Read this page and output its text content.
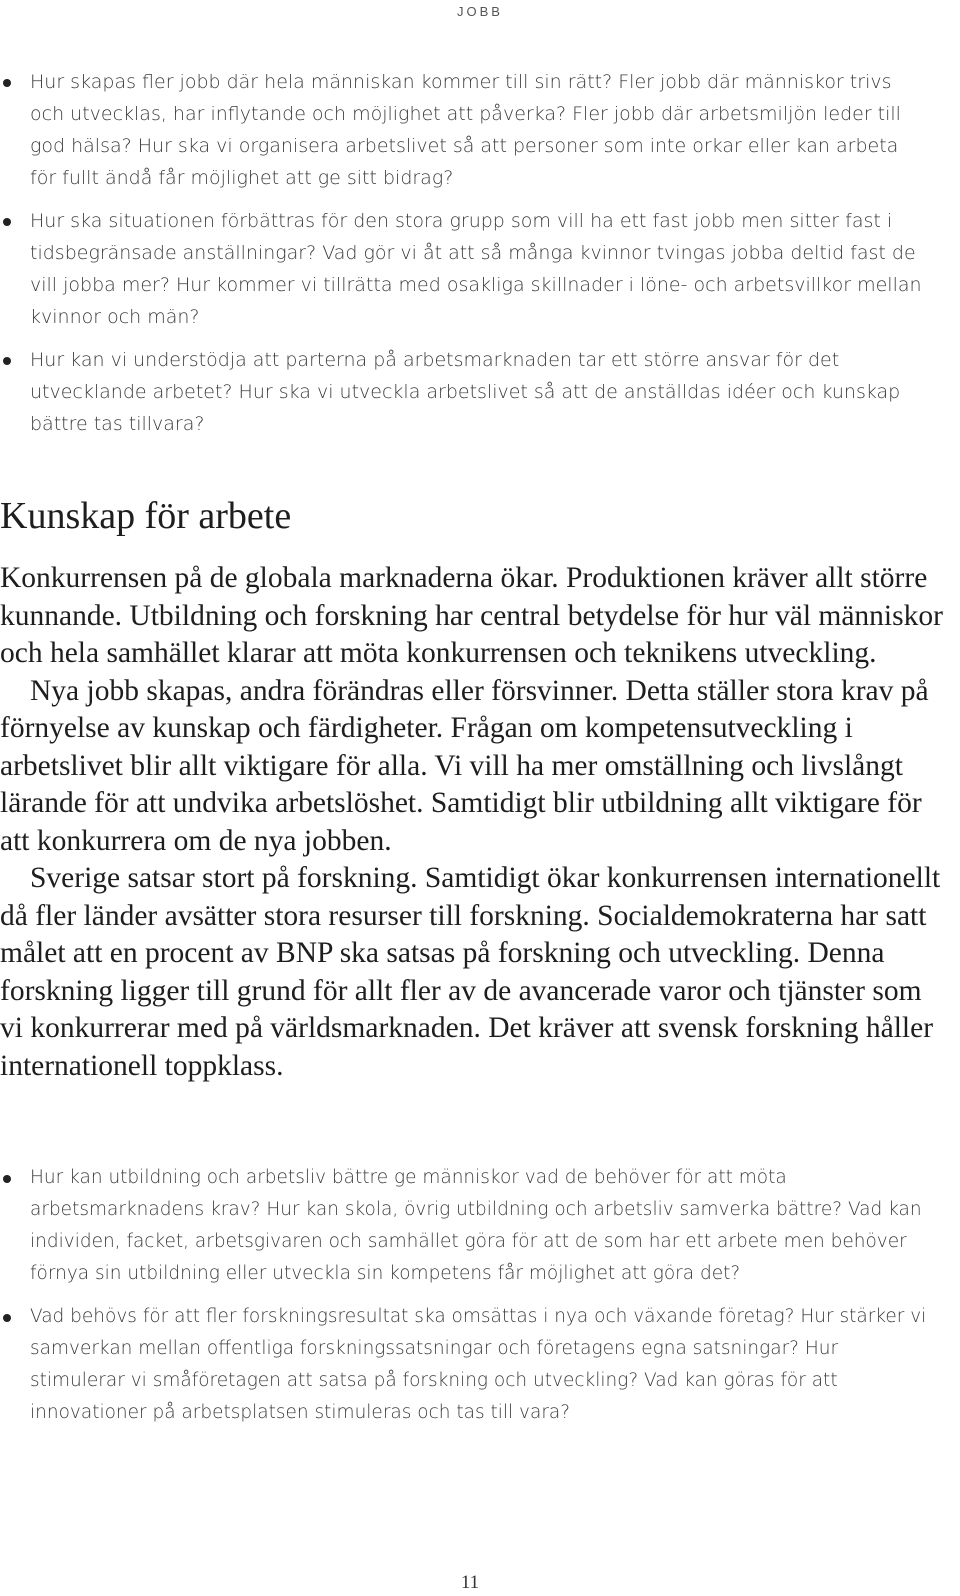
JOBB
Hur skapas fler jobb där hela människan kommer till sin rätt? Fler jobb där människor trivs och utvecklas, har inflytande och möjlighet att påverka? Fler jobb där arbetsmiljön leder till god hälsa? Hur ska vi organisera arbetslivet så att personer som inte orkar eller kan arbeta för fullt ändå får möjlighet att ge sitt bidrag?
Hur ska situationen förbättras för den stora grupp som vill ha ett fast jobb men sitter fast i tidsbegränsade anställningar? Vad gör vi åt att så många kvinnor tvingas jobba deltid fast de vill jobba mer? Hur kommer vi tillrätta med osakliga skillnader i löne- och arbetsvillkor mellan kvinnor och män?
Hur kan vi understödja att parterna på arbetsmarknaden tar ett större ansvar för det utvecklande arbetet? Hur ska vi utveckla arbetslivet så att de anställdas idéer och kunskap bättre tas tillvara?
Kunskap för arbete

Konkurrensen på de globala marknaderna ökar. Produktionen kräver allt större kunnande. Utbildning och forskning har central betydelse för hur väl människor och hela samhället klarar att möta konkurrensen och teknikens utveckling.

Nya jobb skapas, andra förändras eller försvinner. Detta ställer stora krav på förnyelse av kunskap och färdigheter. Frågan om kompetensutveckling i arbetslivet blir allt viktigare för alla. Vi vill ha mer omställning och livslångt lärande för att undvika arbetslöshet. Samtidigt blir utbildning allt viktigare för att konkurrera om de nya jobben.

Sverige satsar stort på forskning. Samtidigt ökar konkurrensen internationellt då fler länder avsätter stora resurser till forskning. Socialdemokraterna har satt målet att en procent av BNP ska satsas på forskning och utveckling. Denna forskning ligger till grund för allt fler av de avancerade varor och tjänster som vi konkurrerar med på världsmarknaden. Det kräver att svensk forskning håller internationell toppklass.

Hur kan utbildning och arbetsliv bättre ge människor vad de behöver för att möta arbetsmarknadens krav? Hur kan skola, övrig utbildning och arbetsliv samverka bättre? Vad kan individen, facket, arbetsgivaren och samhället göra för att de som har ett arbete men behöver förnya sin utbildning eller utveckla sin kompetens får möjlighet att göra det?
Vad behövs för att fler forskningsresultat ska omsättas i nya och växande företag? Hur stärker vi samverkan mellan offentliga forskningssatsningar och företagens egna satsningar? Hur stimulerar vi småföretagen att satsa på forskning och utveckling? Vad kan göras för att innovationer på arbetsplatsen stimuleras och tas till vara?
11
